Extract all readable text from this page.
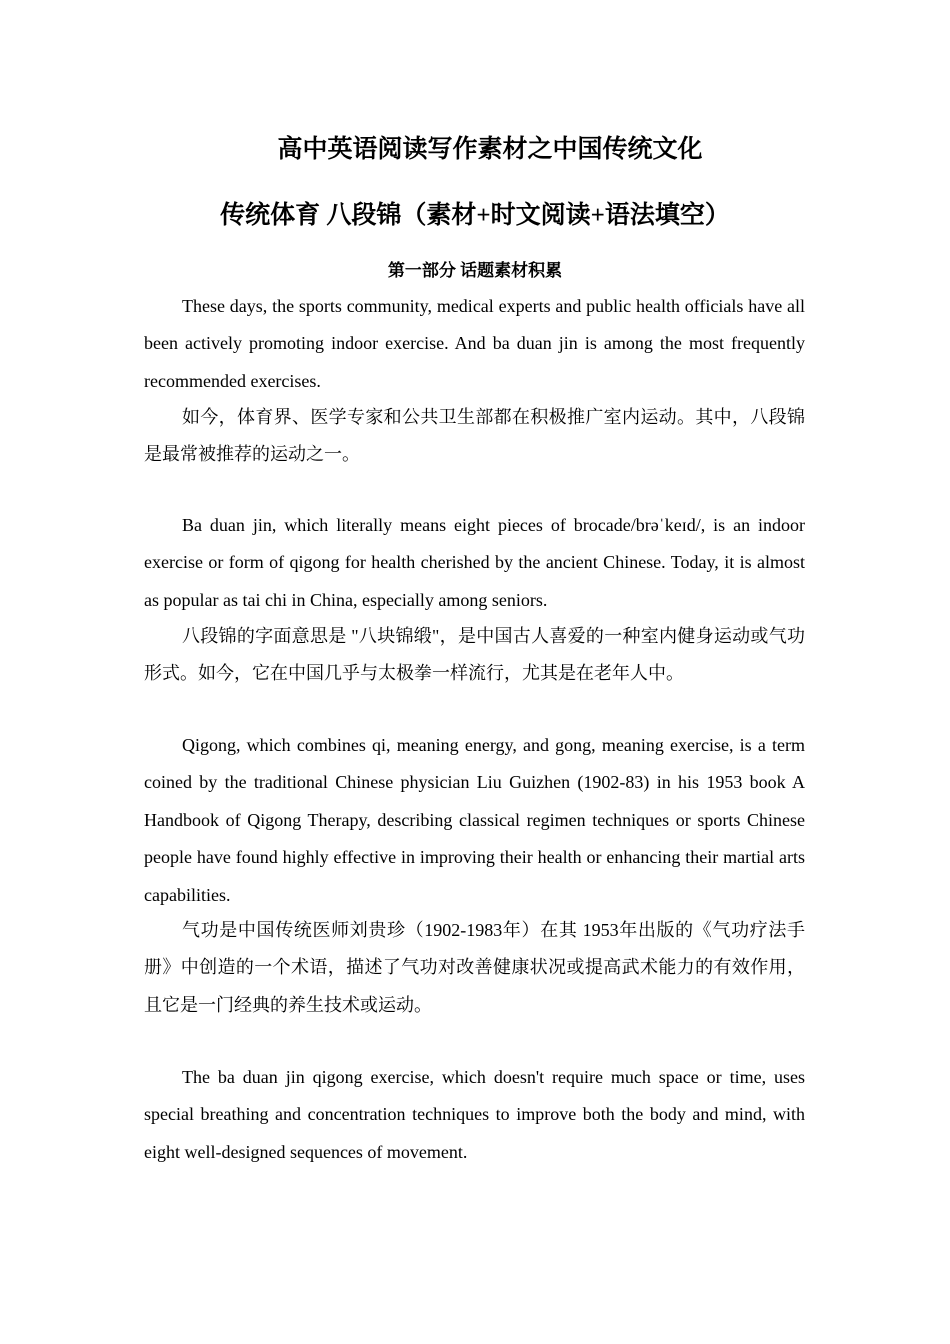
高中英语阅读写作素材之中国传统文化
传统体育 八段锦（素材+时文阅读+语法填空）
第一部分 话题素材积累

These days, the sports community, medical experts and public health officials have all been actively promoting indoor exercise. And ba duan jin is among the most frequently recommended exercises.

如今，体育界、医学专家和公共卫生部都在积极推广室内运动。其中，八段锦是最常被推荐的运动之一。

Ba duan jin, which literally means eight pieces of brocade/brəˈkeɪd/, is an indoor exercise or form of qigong for health cherished by the ancient Chinese. Today, it is almost as popular as tai chi in China, especially among seniors.

八段锦的字面意思是 "八块锦缎"，是中国古人喜爱的一种室内健身运动或气功形式。如今，它在中国几乎与太极拳一样流行，尤其是在老年人中。

Qigong, which combines qi, meaning energy, and gong, meaning exercise, is a term coined by the traditional Chinese physician Liu Guizhen (1902-83) in his 1953 book A Handbook of Qigong Therapy, describing classical regimen techniques or sports Chinese people have found highly effective in improving their health or enhancing their martial arts capabilities.

气功是中国传统医师刘贵珍（1902-1983年）在其 1953年出版的《气功疗法手册》中创造的一个术语，描述了气功对改善健康状况或提高武术能力的有效作用，且它是一门经典的养生技术或运动。

The ba duan jin qigong exercise, which doesn't require much space or time, uses special breathing and concentration techniques to improve both the body and mind, with eight well-designed sequences of movement.
